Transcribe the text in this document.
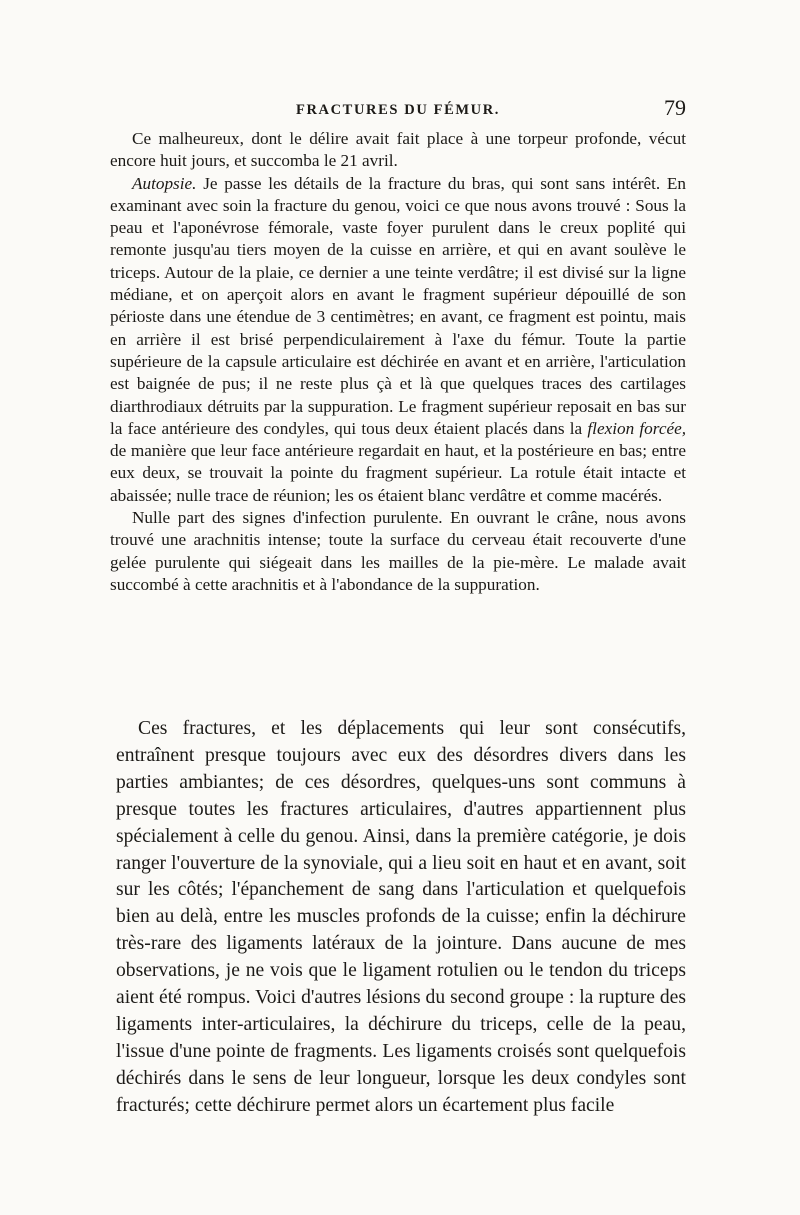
FRACTURES DU FÉMUR.	79

Ce malheureux, dont le délire avait fait place à une torpeur profonde, vécut encore huit jours, et succomba le 21 avril.

Autopsie. Je passe les détails de la fracture du bras, qui sont sans intérêt. En examinant avec soin la fracture du genou, voici ce que nous avons trouvé : Sous la peau et l'aponévrose fémorale, vaste foyer purulent dans le creux poplité qui remonte jusqu'au tiers moyen de la cuisse en arrière, et qui en avant soulève le triceps. Autour de la plaie, ce dernier a une teinte verdâtre; il est divisé sur la ligne médiane, et on aperçoit alors en avant le fragment supérieur dépouillé de son périoste dans une étendue de 3 centimètres; en avant, ce fragment est pointu, mais en arrière il est brisé perpendiculairement à l'axe du fémur. Toute la partie supérieure de la capsule articulaire est déchirée en avant et en arrière, l'articulation est baignée de pus; il ne reste plus çà et là que quelques traces des cartilages diarthrodiaux détruits par la suppuration. Le fragment supérieur reposait en bas sur la face antérieure des condyles, qui tous deux étaient placés dans la flexion forcée, de manière que leur face antérieure regardait en haut, et la postérieure en bas; entre eux deux, se trouvait la pointe du fragment supérieur. La rotule était intacte et abaissée; nulle trace de réunion; les os étaient blanc verdâtre et comme macérés.

Nulle part des signes d'infection purulente. En ouvrant le crâne, nous avons trouvé une arachnitis intense; toute la surface du cerveau était recouverte d'une gelée purulente qui siégeait dans les mailles de la pie-mère. Le malade avait succombé à cette arachnitis et à l'abondance de la suppuration.

Ces fractures, et les déplacements qui leur sont consécutifs, entraînent presque toujours avec eux des désordres divers dans les parties ambiantes; de ces désordres, quelques-uns sont communs à presque toutes les fractures articulaires, d'autres appartiennent plus spécialement à celle du genou. Ainsi, dans la première catégorie, je dois ranger l'ouverture de la synoviale, qui a lieu soit en haut et en avant, soit sur les côtés; l'épanchement de sang dans l'articulation et quelquefois bien au delà, entre les muscles profonds de la cuisse; enfin la déchirure très-rare des ligaments latéraux de la jointure. Dans aucune de mes observations, je ne vois que le ligament rotulien ou le tendon du triceps aient été rompus. Voici d'autres lésions du second groupe : la rupture des ligaments inter-articulaires, la déchirure du triceps, celle de la peau, l'issue d'une pointe de fragments. Les ligaments croisés sont quelquefois déchirés dans le sens de leur longueur, lorsque les deux condyles sont fracturés; cette déchirure permet alors un écartement plus facile
